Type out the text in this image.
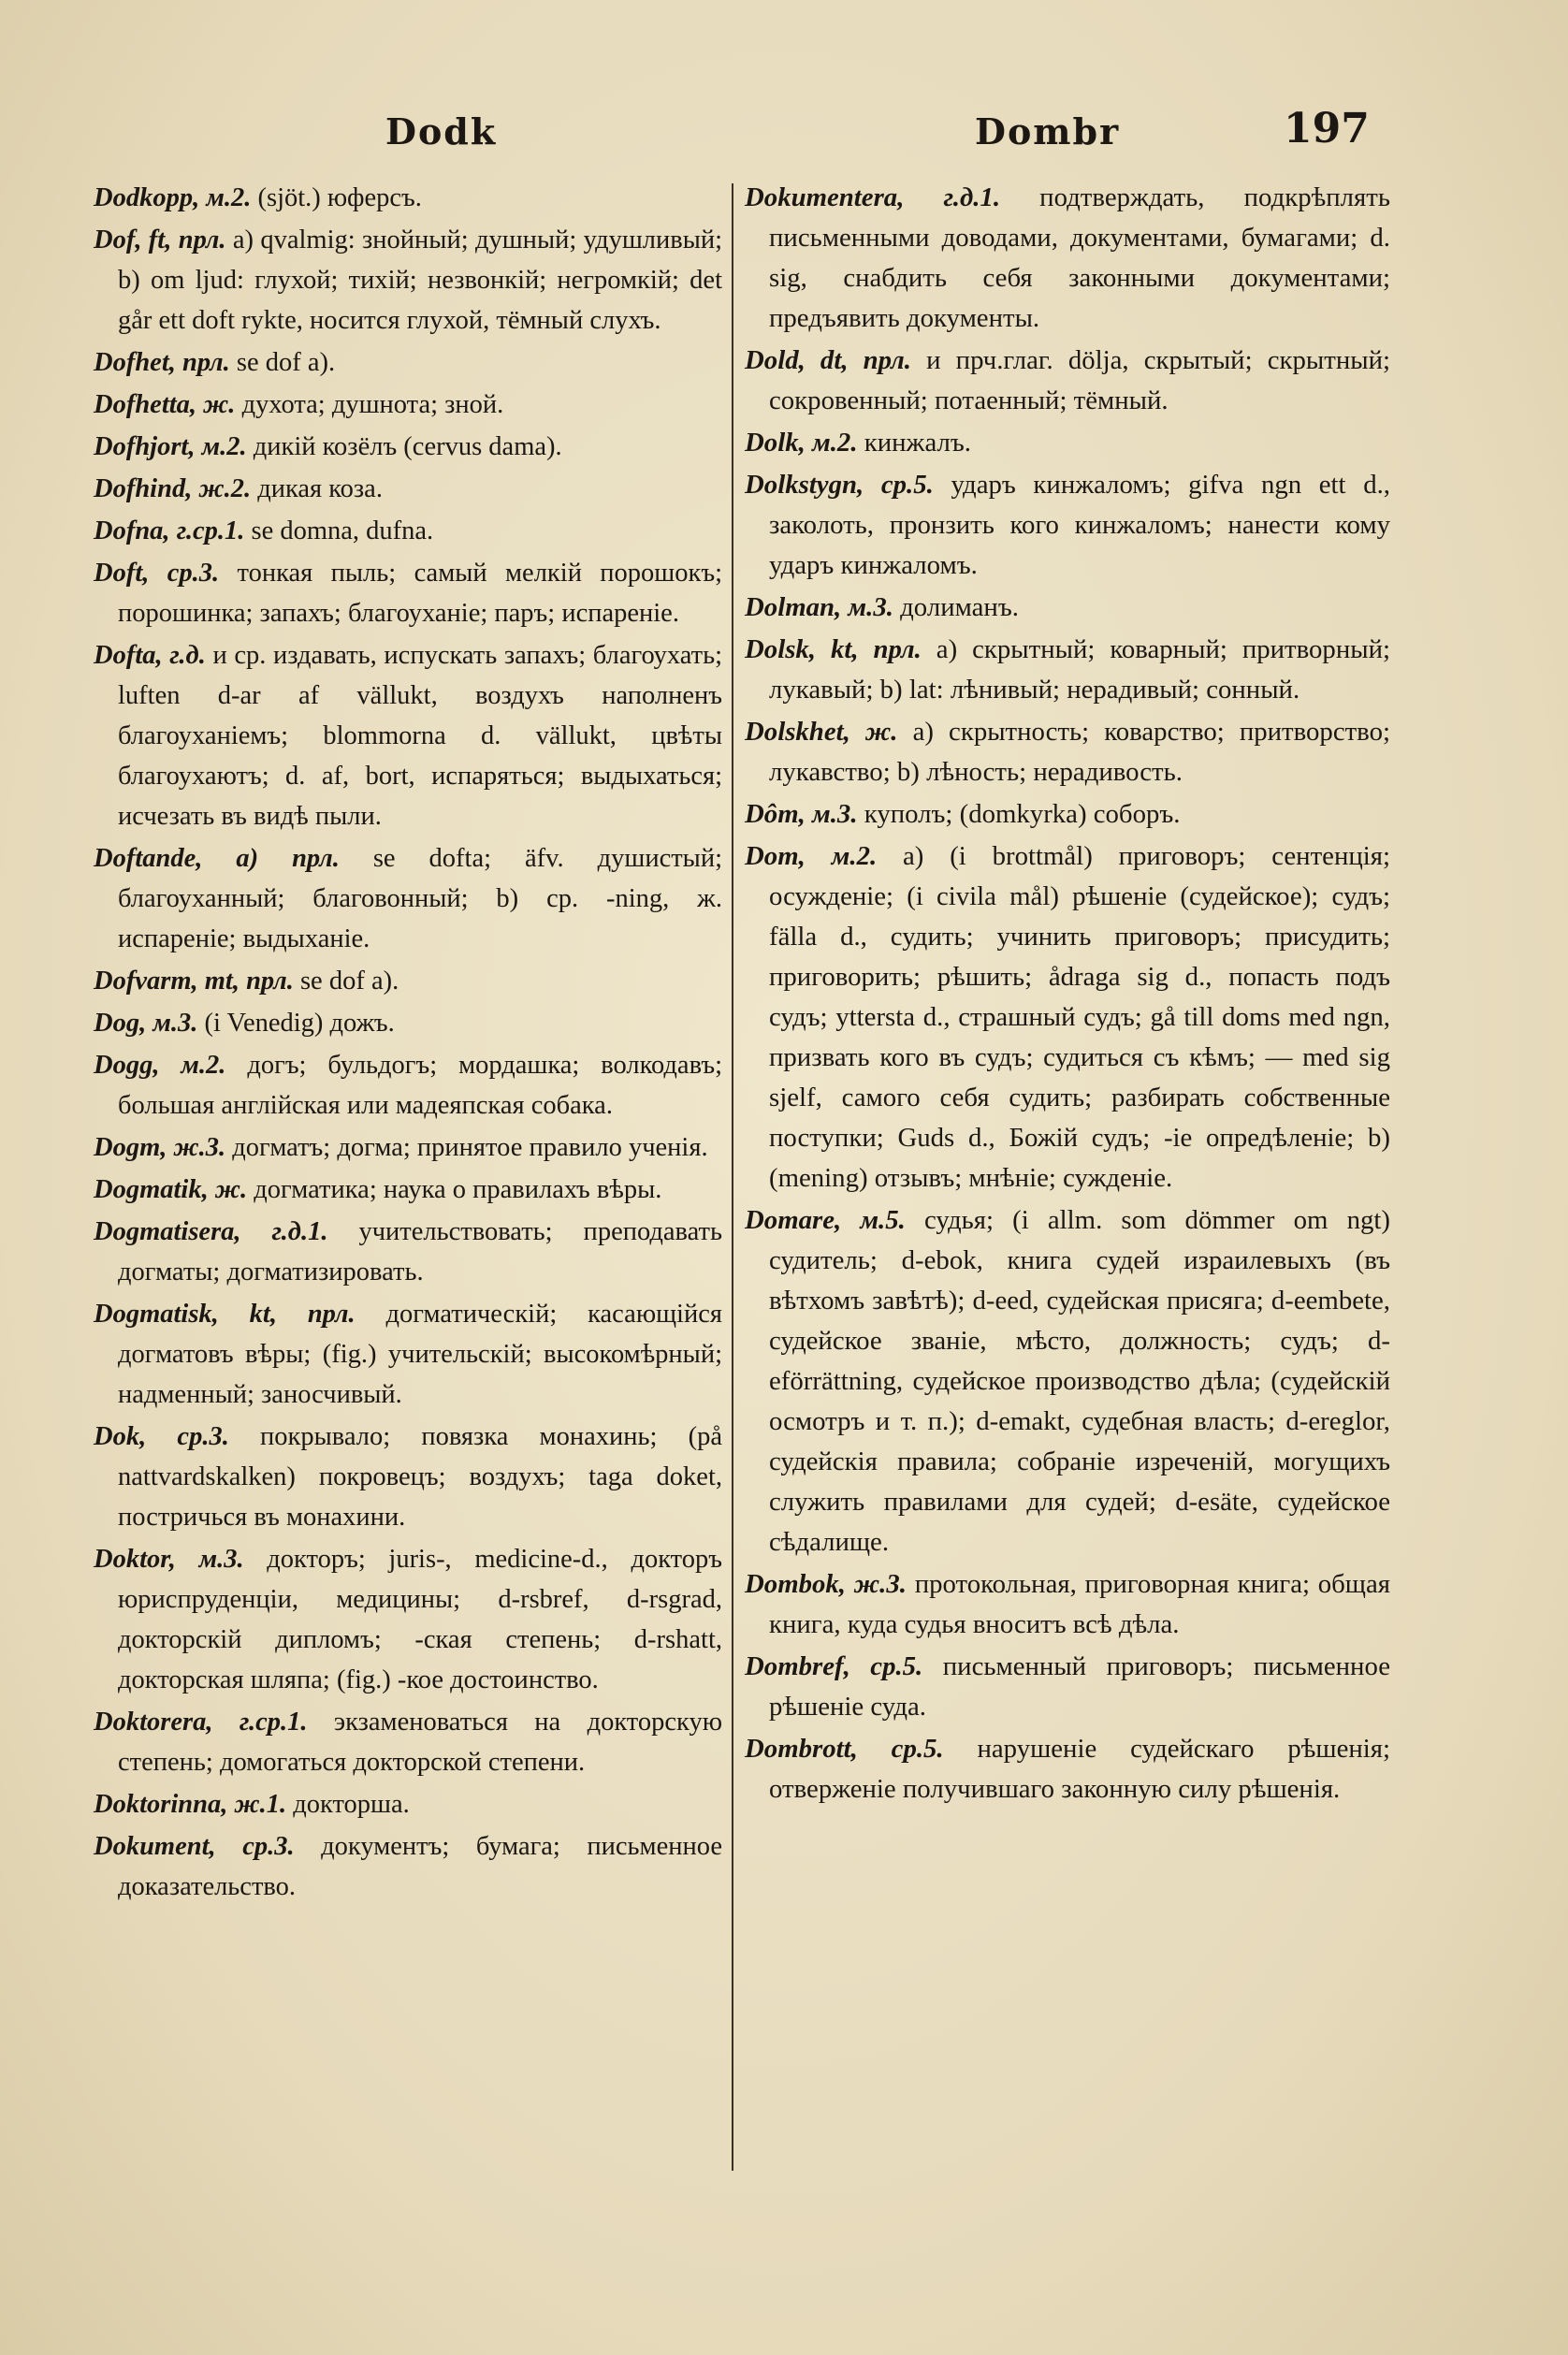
Dodk	Dombr	197
Dodkopp, м.2. (sjöt.) юферсъ.
Dof, ft, прл. a) qvalmig: знойный; душный; удушливый; b) om ljud: глухой; тихій; незвонкій; негромкій; det går ett doft rykte, носится глухой, тёмный слухъ.
Dofhet, прл. se dof a).
Dofhetta, ж. духота; душнота; зной.
Dofhjort, м.2. дикій козёлъ (cervus dama).
Dofhind, ж.2. дикая коза.
Dofna, г.ср.1. se domna, dufna.
Doft, ср.3. тонкая пыль; самый мелкій порошокъ; порошинка; запахъ; благоуханіе; паръ; испареніе.
Dofta, г.д. и ср. издавать, испускать запахъ; благоухать; luften d-ar af vällukt, воздухъ наполненъ благоуханіемъ; blommorna d. vällukt, цвѣты благоухаютъ; d. af, bort, испаряться; выдыхаться; исчезать въ видѣ пыли.
Doftande, a) прл. se dofta; äfv. душистый; благоуханный; благовонный; b) ср. -ning, ж. испареніе; выдыханіе.
Dofvarm, mt, прл. se dof a).
Dog, м.3. (i Venedig) дожъ.
Dogg, м.2. догъ; бульдогъ; мордашка; волкодавъ; большая англійская или мадеяпская собака.
Dogm, ж.3. догматъ; догма; принятое правило ученія.
Dogmatik, ж. догматика; наука о правилахъ вѣры.
Dogmatisera, г.д.1. учительствовать; преподавать догматы; догматизировать.
Dogmatisk, kt, прл. догматическій; касающійся догматовъ вѣры; (fig.) учительскій; высокомѣрный; надменный; заносчивый.
Dok, ср.3. покрывало; повязка монахинь; (på nattvardskalken) покровецъ; воздухъ; taga doket, постричься въ монахини.
Doktor, м.3. докторъ; juris-, medicine-d., докторъ юриспруденціи, медицины; d-rsbref, d-rsgrad, докторскій дипломъ; -ская степень; d-rshatt, докторская шляпа; (fig.) -кое достоинство.
Doktorera, г.ср.1. экзаменоваться на докторскую степень; домогаться докторской степени.
Doktorinna, ж.1. докторша.
Dokument, ср.3. документъ; бумага; письменное доказательство.
Dokumentera, г.д.1. подтверждать, подкрѣплять письменными доводами, документами, бумагами; d. sig, снабдить себя законными документами; предъявить документы.
Dold, dt, прл. и прч.глаг. dölja, скрытый; скрытный; сокровенный; потаенный; тёмный.
Dolk, м.2. кинжалъ.
Dolkstygn, ср.5. ударъ кинжаломъ; gifva ngn ett d., заколоть, пронзить кого кинжаломъ; нанести кому ударъ кинжаломъ.
Dolman, м.3. долиманъ.
Dolsk, kt, прл. a) скрытный; коварный; притворный; лукавый; b) lat: лѣнивый; нерадивый; сонный.
Dolskhet, ж. a) скрытность; коварство; притворство; лукавство; b) лѣность; нерадивость.
Dôm, м.3. куполъ; (domkyrka) соборъ.
Dom, м.2. a) (i brottmål) приговоръ; сентенція; осужденіе; (i civila mål) рѣшеніе (судейское); судъ; fälla d., судить; учинить приговоръ; присудить; приговорить; рѣшить; ådraga sig d., попасть подъ судъ; yttersta d., страшный судъ; gå till doms med ngn, призвать кого въ судъ; судиться съ кѣмъ; — med sig sjelf, самого себя судить; разбирать собственные поступки; Guds d., Божій судъ; -ie опредѣленіе; b) (mening) отзывъ; мнѣніе; сужденіе.
Domare, м.5. судья; (i allm. som dömmer om ngt) судитель; d-ebok, книга судей израилевыхъ (въ вѣтхомъ завѣтѣ); d-eed, судейская присяга; d-eembete, судейское званіе, мѣсто, должность; судъ; d-eförrättning, судейское производство дѣла; (судейскій осмотръ и т. п.); d-emakt, судебная власть; d-ereglor, судейскія правила; собраніе изреченій, могущихъ служить правилами для судей; d-esäte, судейское сѣдалище.
Dombok, ж.3. протокольная, приговорная книга; общая книга, куда судья вноситъ всѣ дѣла.
Dombref, ср.5. письменный приговоръ; письменное рѣшеніе суда.
Dombrott, ср.5. нарушеніе судейскаго рѣшенія; отверженіе получившаго законную силу рѣшенія.
